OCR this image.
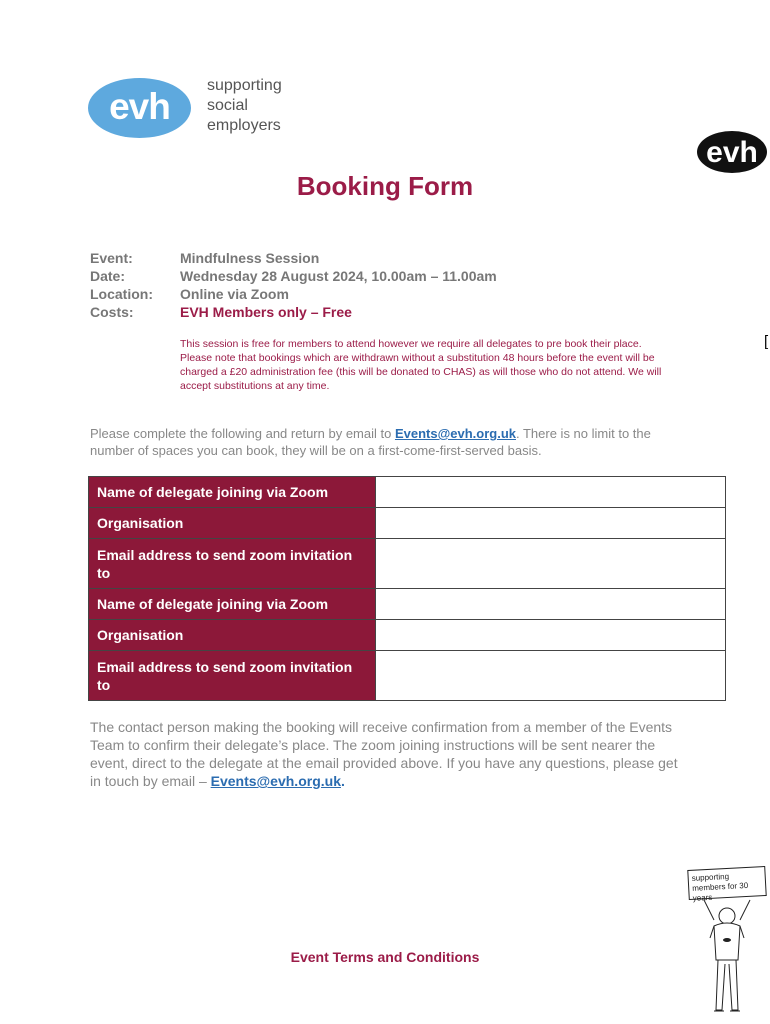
evh
supporting
social
employers
evh
[
Booking Form
Event:	Mindfulness Session
Date:	Wednesday 28 August 2024, 10.00am – 11.00am
Location: Online via Zoom
Costs:	EVH Members only – Free
This session is free for members to attend however we require all delegates to pre book their place. Please note that bookings which are withdrawn without a substitution 48 hours before the event will be charged a £20 administration fee (this will be donated to CHAS) as will those who do not attend. We will accept substitutions at any time.
Please complete the following and return by email to Events@evh.org.uk. There is no limit to the number of spaces you can book, they will be on a first-come-first-served basis.
Name of delegate joining via Zoom	
Organisation	
Email address to send zoom invitation to	
Name of delegate joining via Zoom	
Organisation	
Email address to send zoom invitation to	
The contact person making the booking will receive confirmation from a member of the Events Team to confirm their delegate’s place. The zoom joining instructions will be sent nearer the event, direct to the delegate at the email provided above. If you have any questions, please get in touch by email – Events@evh.org.uk.
Event Terms and Conditions
supporting members for 30 years
